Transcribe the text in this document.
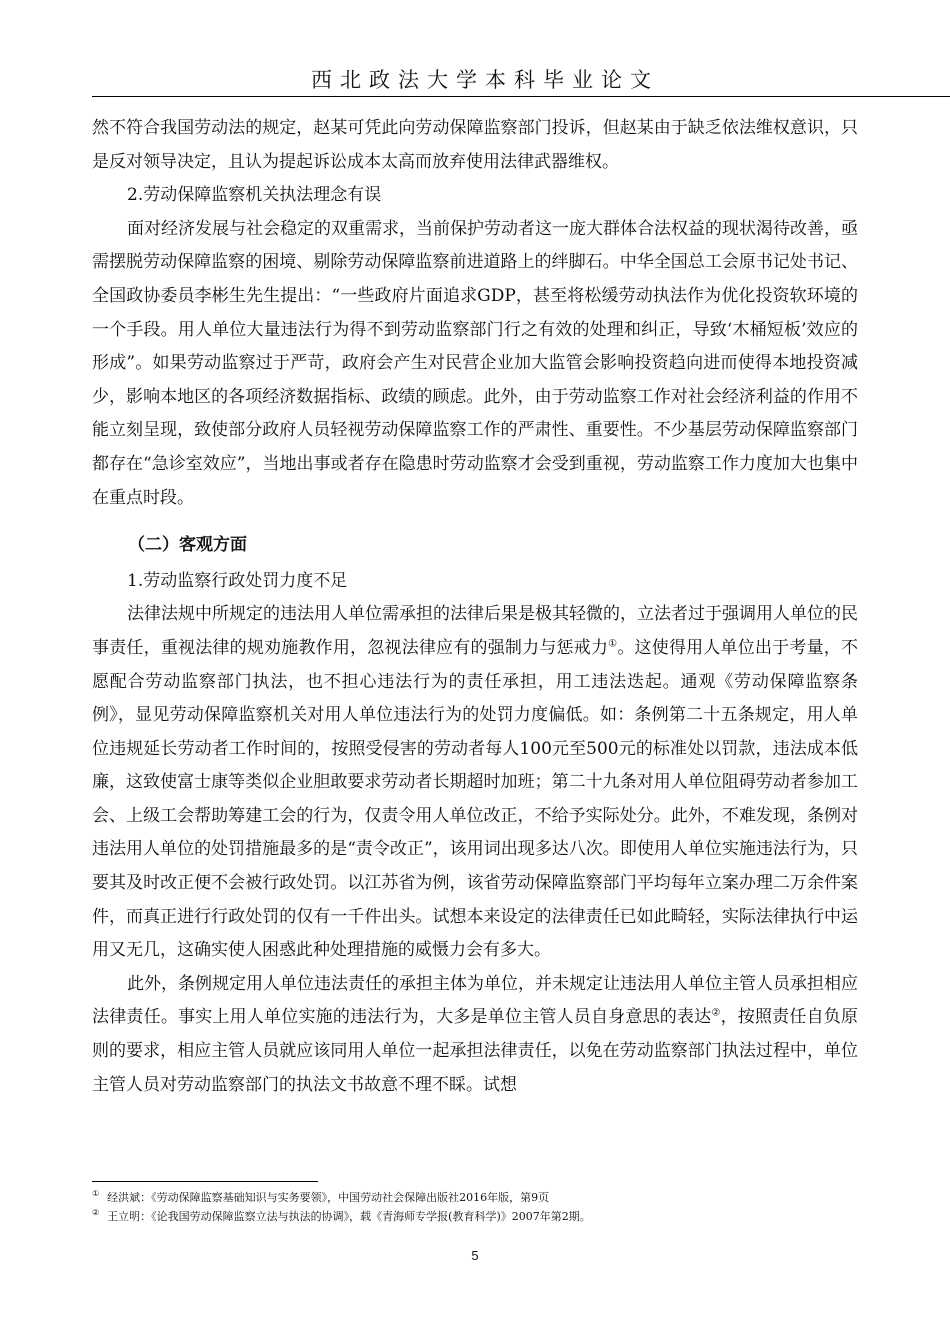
西北政法大学本科毕业论文

然不符合我国劳动法的规定，赵某可凭此向劳动保障监察部门投诉，但赵某由于缺乏依法维权意识，只是反对领导决定，且认为提起诉讼成本太高而放弃使用法律武器维权。

2.劳动保障监察机关执法理念有误

面对经济发展与社会稳定的双重需求，当前保护劳动者这一庞大群体合法权益的现状渴待改善，亟需摆脱劳动保障监察的困境、剔除劳动保障监察前进道路上的绊脚石。中华全国总工会原书记处书记、全国政协委员李彬生先生提出：“一些政府片面追求GDP，甚至将松缓劳动执法作为优化投资软环境的一个手段。用人单位大量违法行为得不到劳动监察部门行之有效的处理和纠正，导致‘木桶短板’效应的形成”。如果劳动监察过于严苛，政府会产生对民营企业加大监管会影响投资趋向进而使得本地投资减少，影响本地区的各项经济数据指标、政绩的顾虑。此外，由于劳动监察工作对社会经济利益的作用不能立刻呈现，致使部分政府人员轻视劳动保障监察工作的严肃性、重要性。不少基层劳动保障监察部门都存在“急诊室效应”，当地出事或者存在隐患时劳动监察才会受到重视，劳动监察工作力度加大也集中在重点时段。

（二）客观方面

1.劳动监察行政处罚力度不足

法律法规中所规定的违法用人单位需承担的法律后果是极其轻微的，立法者过于强调用人单位的民事责任，重视法律的规劝施教作用，忽视法律应有的强制力与惩戒力①。这使得用人单位出于考量，不愿配合劳动监察部门执法，也不担心违法行为的责任承担，用工违法迭起。通观《劳动保障监察条例》，显见劳动保障监察机关对用人单位违法行为的处罚力度偏低。如：条例第二十五条规定，用人单位违规延长劳动者工作时间的，按照受侵害的劳动者每人100元至500元的标准处以罚款，违法成本低廉，这致使富士康等类似企业胆敢要求劳动者长期超时加班；第二十九条对用人单位阻碍劳动者参加工会、上级工会帮助筹建工会的行为，仅责令用人单位改正，不给予实际处分。此外，不难发现，条例对违法用人单位的处罚措施最多的是“责令改正”，该用词出现多达八次。即使用人单位实施违法行为，只要其及时改正便不会被行政处罚。以江苏省为例，该省劳动保障监察部门平均每年立案办理二万余件案件，而真正进行行政处罚的仅有一千件出头。试想本来设定的法律责任已如此畸轻，实际法律执行中运用又无几，这确实使人困惑此种处理措施的威慑力会有多大。

此外，条例规定用人单位违法责任的承担主体为单位，并未规定让违法用人单位主管人员承担相应法律责任。事实上用人单位实施的违法行为，大多是单位主管人员自身意思的表达②，按照责任自负原则的要求，相应主管人员就应该同用人单位一起承担法律责任，以免在劳动监察部门执法过程中，单位主管人员对劳动监察部门的执法文书故意不理不睬。试想

① 经洪斌：《劳动保障监察基础知识与实务要领》，中国劳动社会保障出版社2016年版，第9页
② 王立明：《论我国劳动保障监察立法与执法的协调》，载《青海师专学报(教育科学)》2007年第2期。
5
